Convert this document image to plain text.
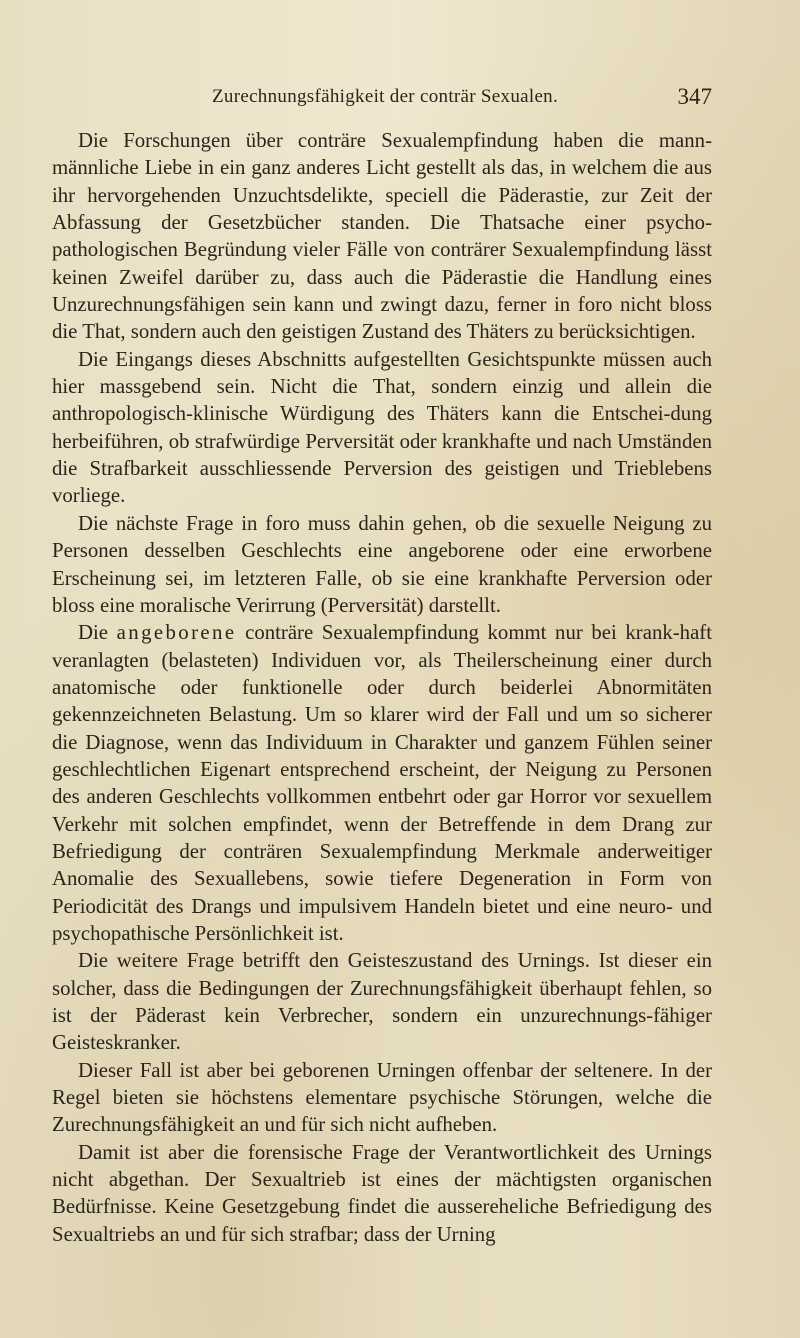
Zurechnungsfähigkeit der conträr Sexualen.	347

Die Forschungen über conträre Sexualempfindung haben die mann-männliche Liebe in ein ganz anderes Licht gestellt als das, in welchem die aus ihr hervorgehenden Unzuchtsdelikte, speciell die Päderastie, zur Zeit der Abfassung der Gesetzbücher standen. Die Thatsache einer psycho-pathologischen Begründung vieler Fälle von conträrer Sexualempfindung lässt keinen Zweifel darüber zu, dass auch die Päderastie die Handlung eines Unzurechnungsfähigen sein kann und zwingt dazu, ferner in foro nicht bloss die That, sondern auch den geistigen Zustand des Thäters zu berücksichtigen.

Die Eingangs dieses Abschnitts aufgestellten Gesichtspunkte müssen auch hier massgebend sein. Nicht die That, sondern einzig und allein die anthropologisch-klinische Würdigung des Thäters kann die Entschei-dung herbeiführen, ob strafwürdige Perversität oder krankhafte und nach Umständen die Strafbarkeit ausschliessende Perversion des geistigen und Trieblebens vorliege.

Die nächste Frage in foro muss dahin gehen, ob die sexuelle Neigung zu Personen desselben Geschlechts eine angeborene oder eine erworbene Erscheinung sei, im letzteren Falle, ob sie eine krankhafte Perversion oder bloss eine moralische Verirrung (Perversität) darstellt.

Die angeborene conträre Sexualempfindung kommt nur bei krank-haft veranlagten (belasteten) Individuen vor, als Theilerscheinung einer durch anatomische oder funktionelle oder durch beiderlei Abnormitäten gekennzeichneten Belastung. Um so klarer wird der Fall und um so sicherer die Diagnose, wenn das Individuum in Charakter und ganzem Fühlen seiner geschlechtlichen Eigenart entsprechend erscheint, der Neigung zu Personen des anderen Geschlechts vollkommen entbehrt oder gar Horror vor sexuellem Verkehr mit solchen empfindet, wenn der Betreffende in dem Drang zur Befriedigung der conträren Sexualempfindung Merkmale anderweitiger Anomalie des Sexuallebens, sowie tiefere Degeneration in Form von Periodicität des Drangs und impulsivem Handeln bietet und eine neuro- und psychopathische Persönlichkeit ist.

Die weitere Frage betrifft den Geisteszustand des Urnings. Ist dieser ein solcher, dass die Bedingungen der Zurechnungsfähigkeit überhaupt fehlen, so ist der Päderast kein Verbrecher, sondern ein unzurechnungs-fähiger Geisteskranker.

Dieser Fall ist aber bei geborenen Urningen offenbar der seltenere. In der Regel bieten sie höchstens elementare psychische Störungen, welche die Zurechnungsfähigkeit an und für sich nicht aufheben.

Damit ist aber die forensische Frage der Verantwortlichkeit des Urnings nicht abgethan. Der Sexualtrieb ist eines der mächtigsten organischen Bedürfnisse. Keine Gesetzgebung findet die ausserehеliche Befriedigung des Sexualtriebs an und für sich strafbar; dass der Urning
